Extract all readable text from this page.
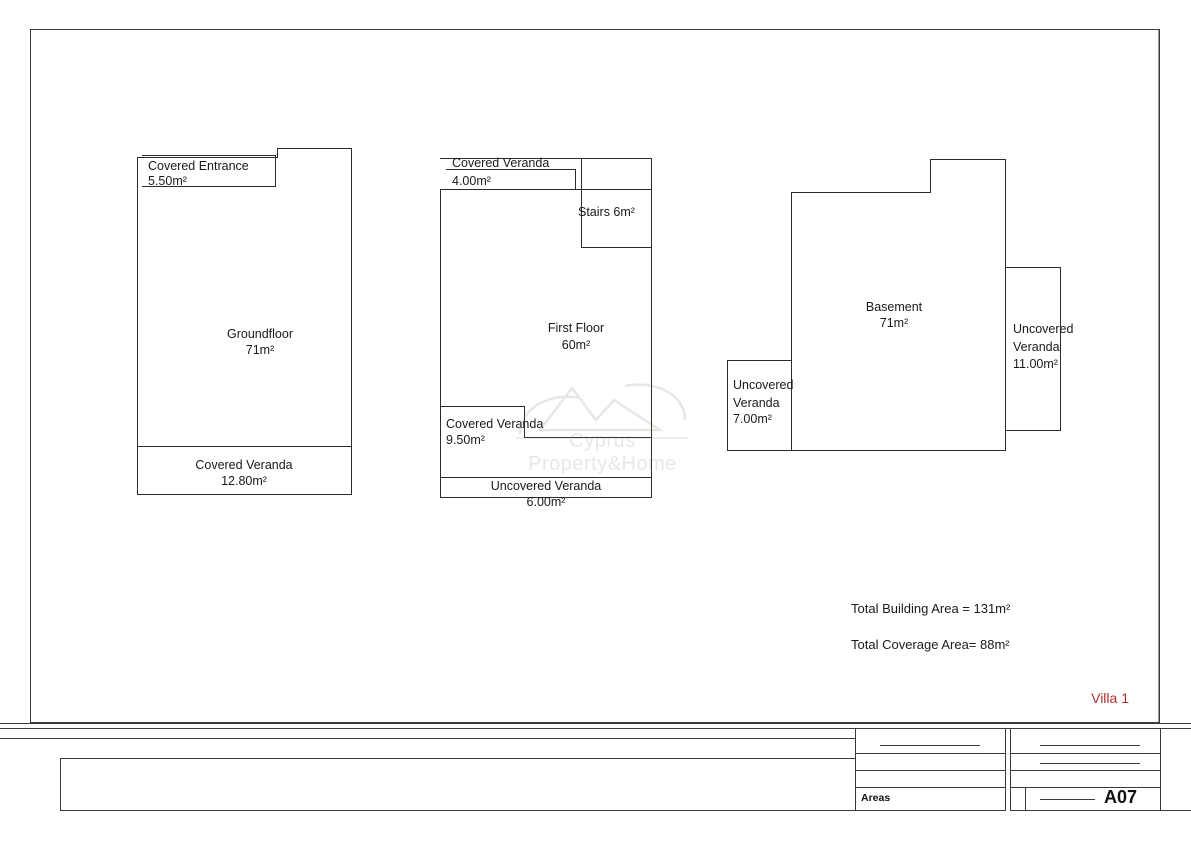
Covered Entrance
5.50m²
Groundfloor
71m²
Covered Veranda
12.80m²
Covered Veranda
4.00m²
Stairs 6m²
First Floor
60m²
Covered Veranda
9.50m²
Uncovered Veranda
6.00m²
Basement
71m²
Uncovered
Veranda
7.00m²
Uncovered
Veranda
11.00m²
Cyprus Property&Home
Total Building Area = 131m²
Total Coverage Area= 88m²
Villa 1
Areas	A07
